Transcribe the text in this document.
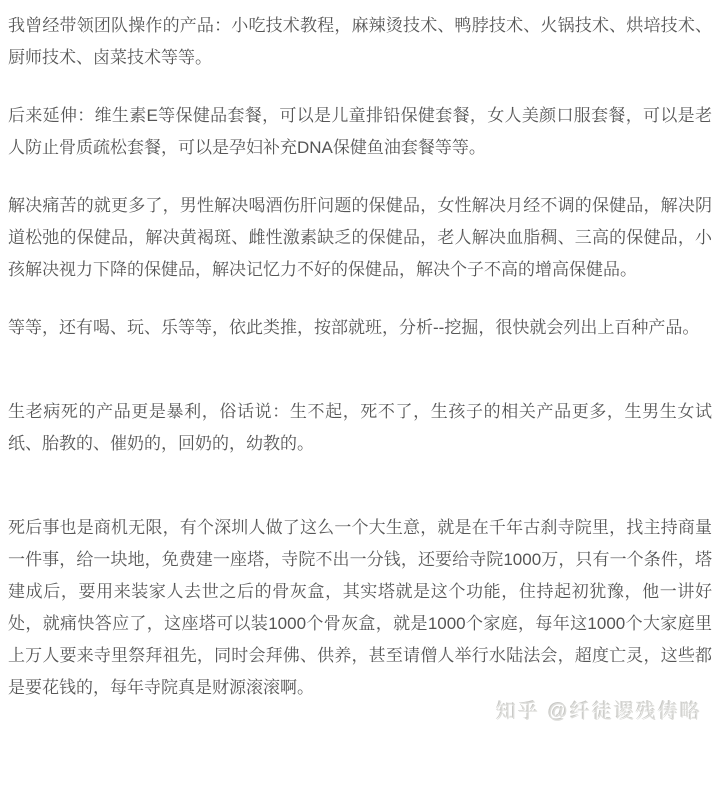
我曾经带领团队操作的产品：小吃技术教程，麻辣烫技术、鸭脖技术、火锅技术、烘培技术、厨师技术、卤菜技术等等。

后来延伸：维生素E等保健品套餐，可以是儿童排铅保健套餐，女人美颜口服套餐，可以是老人防止骨质疏松套餐，可以是孕妇补充DNA保健鱼油套餐等等。

解决痛苦的就更多了，男性解决喝酒伤肝问题的保健品，女性解决月经不调的保健品，解决阴道松弛的保健品，解决黄褐斑、雌性激素缺乏的保健品，老人解决血脂稠、三高的保健品，小孩解决视力下降的保健品，解决记忆力不好的保健品，解决个子不高的增高保健品。

等等，还有喝、玩、乐等等，依此类推，按部就班，分析--挖掘，很快就会列出上百种产品。

生老病死的产品更是暴利，俗话说：生不起，死不了，生孩子的相关产品更多，生男生女试纸、胎教的、催奶的，回奶的，幼教的。

死后事也是商机无限，有个深圳人做了这么一个大生意，就是在千年古刹寺院里，找主持商量一件事，给一块地，免费建一座塔，寺院不出一分钱，还要给寺院1000万，只有一个条件，塔建成后，要用来装家人去世之后的骨灰盒，其实塔就是这个功能，住持起初犹豫，他一讲好处，就痛快答应了，这座塔可以装1000个骨灰盒，就是1000个家庭，每年这1000个大家庭里上万人要来寺里祭拜祖先，同时会拜佛、供养，甚至请僧人举行水陆法会，超度亡灵，这些都是要花钱的，每年寺院真是财源滚滚啊。

知乎 @纤徒谡残俦略
